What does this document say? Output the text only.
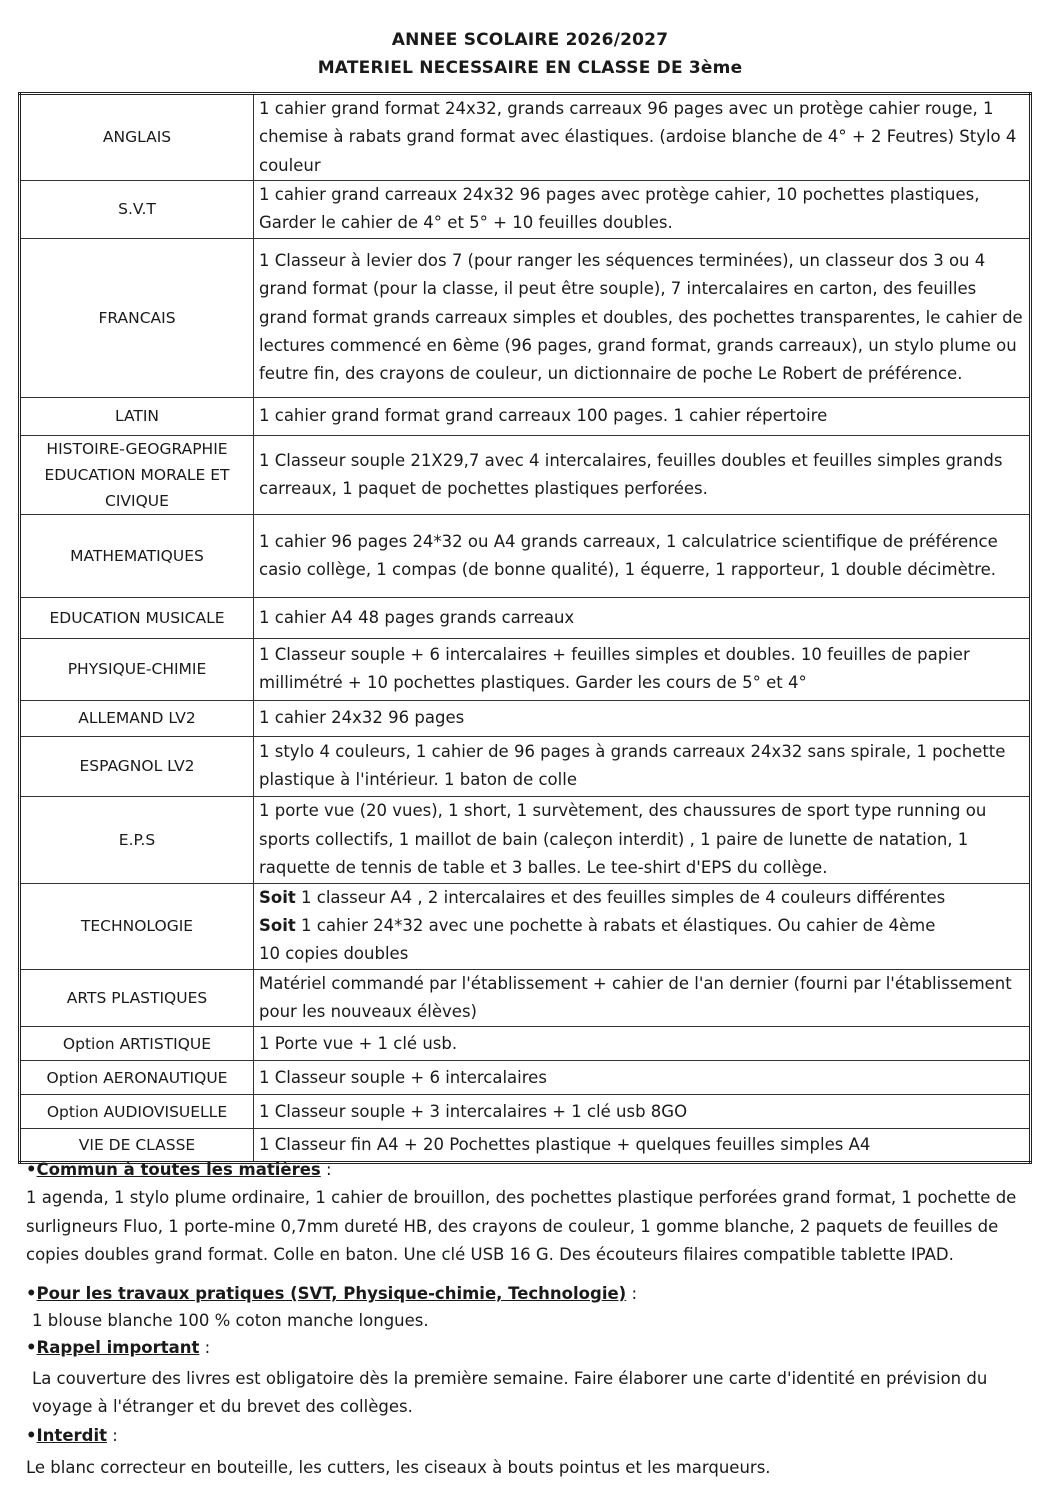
ANNEE SCOLAIRE 2026/2027
MATERIEL NECESSAIRE EN CLASSE DE 3ème
ANGLAIS	1 cahier grand format 24x32, grands carreaux 96 pages avec un protège cahier rouge, 1 chemise à rabats grand format avec élastiques. (ardoise blanche de 4° + 2 Feutres) Stylo 4 couleur
S.V.T	1 cahier grand carreaux 24x32 96 pages avec protège cahier, 10 pochettes plastiques, Garder le cahier de 4° et 5° + 10 feuilles doubles.
FRANCAIS	1 Classeur à levier dos 7 (pour ranger les séquences terminées), un classeur dos 3 ou 4 grand format (pour la classe, il peut être souple), 7 intercalaires en carton, des feuilles grand format grands carreaux simples et doubles, des pochettes transparentes, le cahier de lectures commencé en 6ème (96 pages, grand format, grands carreaux), un stylo plume ou feutre fin, des crayons de couleur, un dictionnaire de poche Le Robert de préférence.
LATIN	1 cahier grand format grand carreaux 100 pages. 1 cahier répertoire
HISTOIRE-GEOGRAPHIE EDUCATION MORALE ET CIVIQUE	1 Classeur souple 21X29,7 avec 4 intercalaires, feuilles doubles et feuilles simples grands carreaux, 1 paquet de pochettes plastiques perforées.
MATHEMATIQUES	1 cahier 96 pages 24*32 ou A4 grands carreaux, 1 calculatrice scientifique de préférence casio collège, 1 compas (de bonne qualité), 1 équerre, 1 rapporteur, 1 double décimètre.
EDUCATION MUSICALE	1 cahier A4 48 pages grands carreaux
PHYSIQUE-CHIMIE	1 Classeur souple + 6 intercalaires + feuilles simples et doubles. 10 feuilles de papier millimétré + 10 pochettes plastiques. Garder les cours de 5° et 4°
ALLEMAND LV2	1 cahier 24x32 96 pages
ESPAGNOL LV2	1 stylo 4 couleurs, 1 cahier de 96 pages à grands carreaux 24x32 sans spirale, 1 pochette plastique à l'intérieur. 1 baton de colle
E.P.S	1 porte vue (20 vues), 1 short, 1 survètement, des chaussures de sport type running ou sports collectifs, 1 maillot de bain (caleçon interdit) , 1 paire de lunette de natation, 1 raquette de tennis de table et 3 balles. Le tee-shirt d'EPS du collège.
TECHNOLOGIE	Soit 1 classeur A4 , 2 intercalaires et des feuilles simples de 4 couleurs différentes
Soit 1 cahier 24*32 avec une pochette à rabats et élastiques. Ou cahier de 4ème
10 copies doubles

ARTS PLASTIQUES	Matériel commandé par l'établissement + cahier de l'an dernier (fourni par l'établissement pour les nouveaux élèves)
Option ARTISTIQUE	1 Porte vue + 1 clé usb.
Option AERONAUTIQUE	1 Classeur souple + 6 intercalaires
Option AUDIOVISUELLE	1 Classeur souple + 3 intercalaires + 1 clé usb 8GO
VIE DE CLASSE	1 Classeur fin A4 + 20 Pochettes plastique + quelques feuilles simples A4
•Commun à toutes les matières :
1 agenda, 1 stylo plume ordinaire, 1 cahier de brouillon, des pochettes plastique perforées grand format, 1 pochette de surligneurs Fluo, 1 porte-mine 0,7mm dureté HB, des crayons de couleur, 1 gomme blanche, 2 paquets de feuilles de copies doubles grand format. Colle en baton. Une clé USB 16 G. Des écouteurs filaires compatible tablette IPAD.
•Pour les travaux pratiques (SVT, Physique-chimie, Technologie) :
1 blouse blanche 100 % coton manche longues.
•Rappel important :
La couverture des livres est obligatoire dès la première semaine. Faire élaborer une carte d'identité en prévision du voyage à l'étranger et du brevet des collèges.
•Interdit :
Le blanc correcteur en bouteille, les cutters, les ciseaux à bouts pointus et les marqueurs.
